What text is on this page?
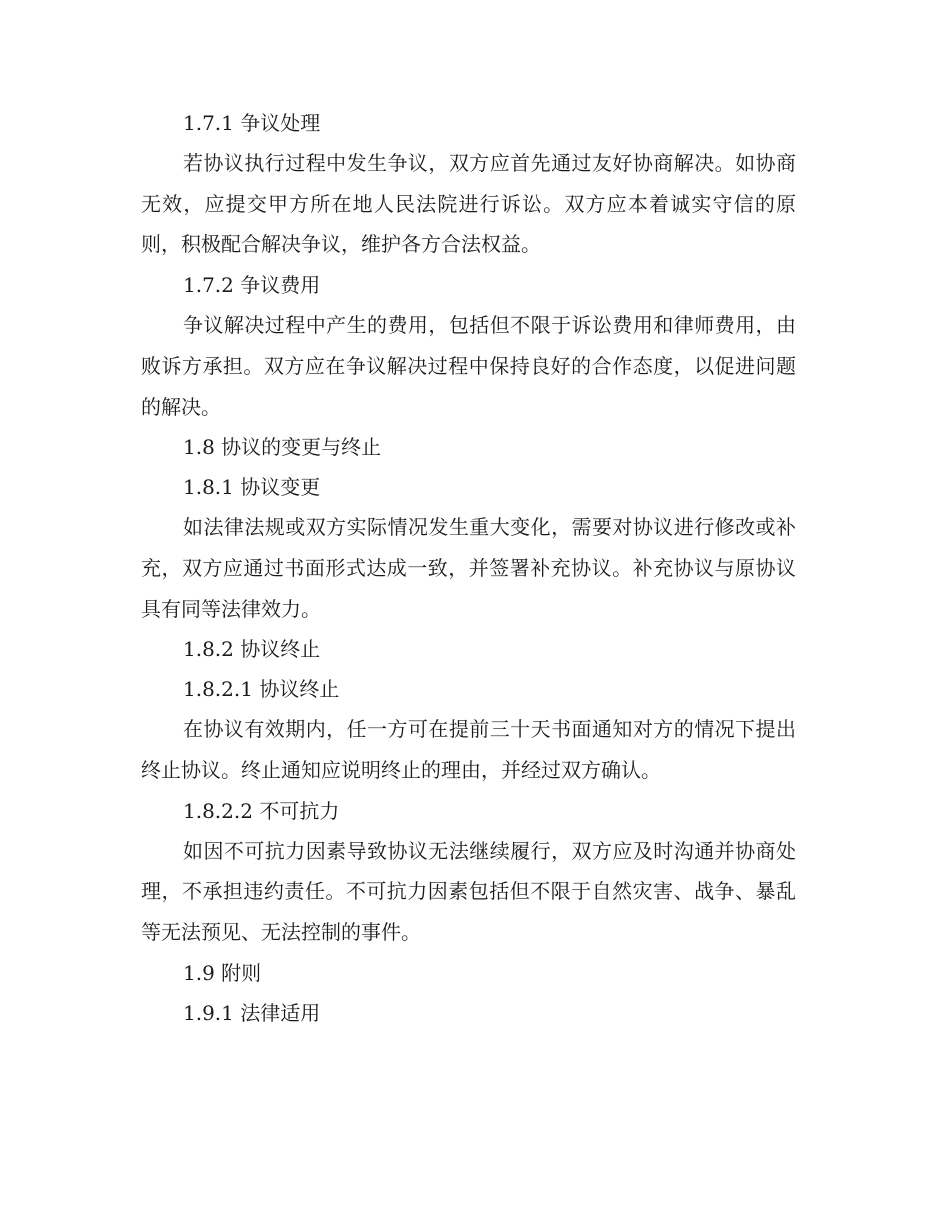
1.7.1 争议处理

若协议执行过程中发生争议，双方应首先通过友好协商解决。如协商无效，应提交甲方所在地人民法院进行诉讼。双方应本着诚实守信的原则，积极配合解决争议，维护各方合法权益。

1.7.2 争议费用

争议解决过程中产生的费用，包括但不限于诉讼费用和律师费用，由败诉方承担。双方应在争议解决过程中保持良好的合作态度，以促进问题的解决。

1.8 协议的变更与终止

1.8.1 协议变更

如法律法规或双方实际情况发生重大变化，需要对协议进行修改或补充，双方应通过书面形式达成一致，并签署补充协议。补充协议与原协议具有同等法律效力。

1.8.2 协议终止

1.8.2.1 协议终止

在协议有效期内，任一方可在提前三十天书面通知对方的情况下提出终止协议。终止通知应说明终止的理由，并经过双方确认。

1.8.2.2 不可抗力

如因不可抗力因素导致协议无法继续履行，双方应及时沟通并协商处理，不承担违约责任。不可抗力因素包括但不限于自然灾害、战争、暴乱等无法预见、无法控制的事件。

1.9 附则

1.9.1 法律适用
